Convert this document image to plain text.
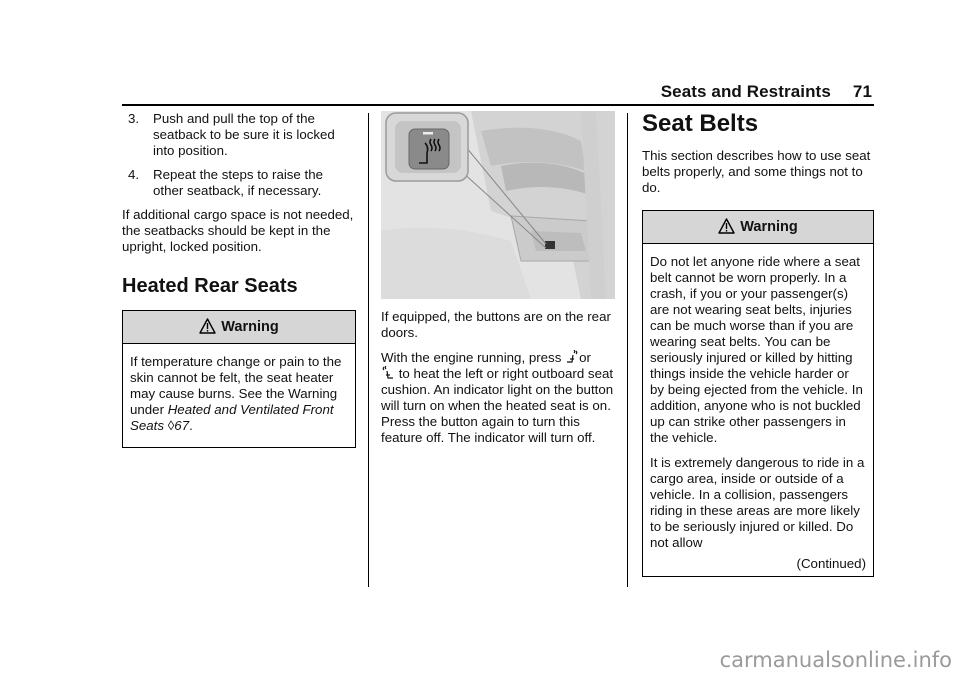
Seats and Restraints 71
3. Push and pull the top of the seatback to be sure it is locked into position.
4. Repeat the steps to raise the other seatback, if necessary.

If additional cargo space is not needed, the seatbacks should be kept in the upright, locked position.

Heated Rear Seats
Warning

If temperature change or pain to the skin cannot be felt, the seat heater may cause burns. See the Warning under Heated and Ventilated Front Seats ◊67.

If equipped, the buttons are on the rear doors.

With the engine running, press or
to heat the left or right outboard seat cushion. An indicator light on the button will turn on when the heated seat is on. Press the button again to turn this feature off. The indicator will turn off.

Seat Belts

This section describes how to use seat belts properly, and some things not to do.

Warning

Do not let anyone ride where a seat belt cannot be worn properly. In a crash, if you or your passenger(s) are not wearing seat belts, injuries can be much worse than if you are wearing seat belts. You can be seriously injured or killed by hitting things inside the vehicle harder or by being ejected from the vehicle. In addition, anyone who is not buckled up can strike other passengers in the vehicle.

It is extremely dangerous to ride in a cargo area, inside or outside of a vehicle. In a collision, passengers riding in these areas are more likely to be seriously injured or killed. Do not allow

(Continued)
carmanualsonline.info
